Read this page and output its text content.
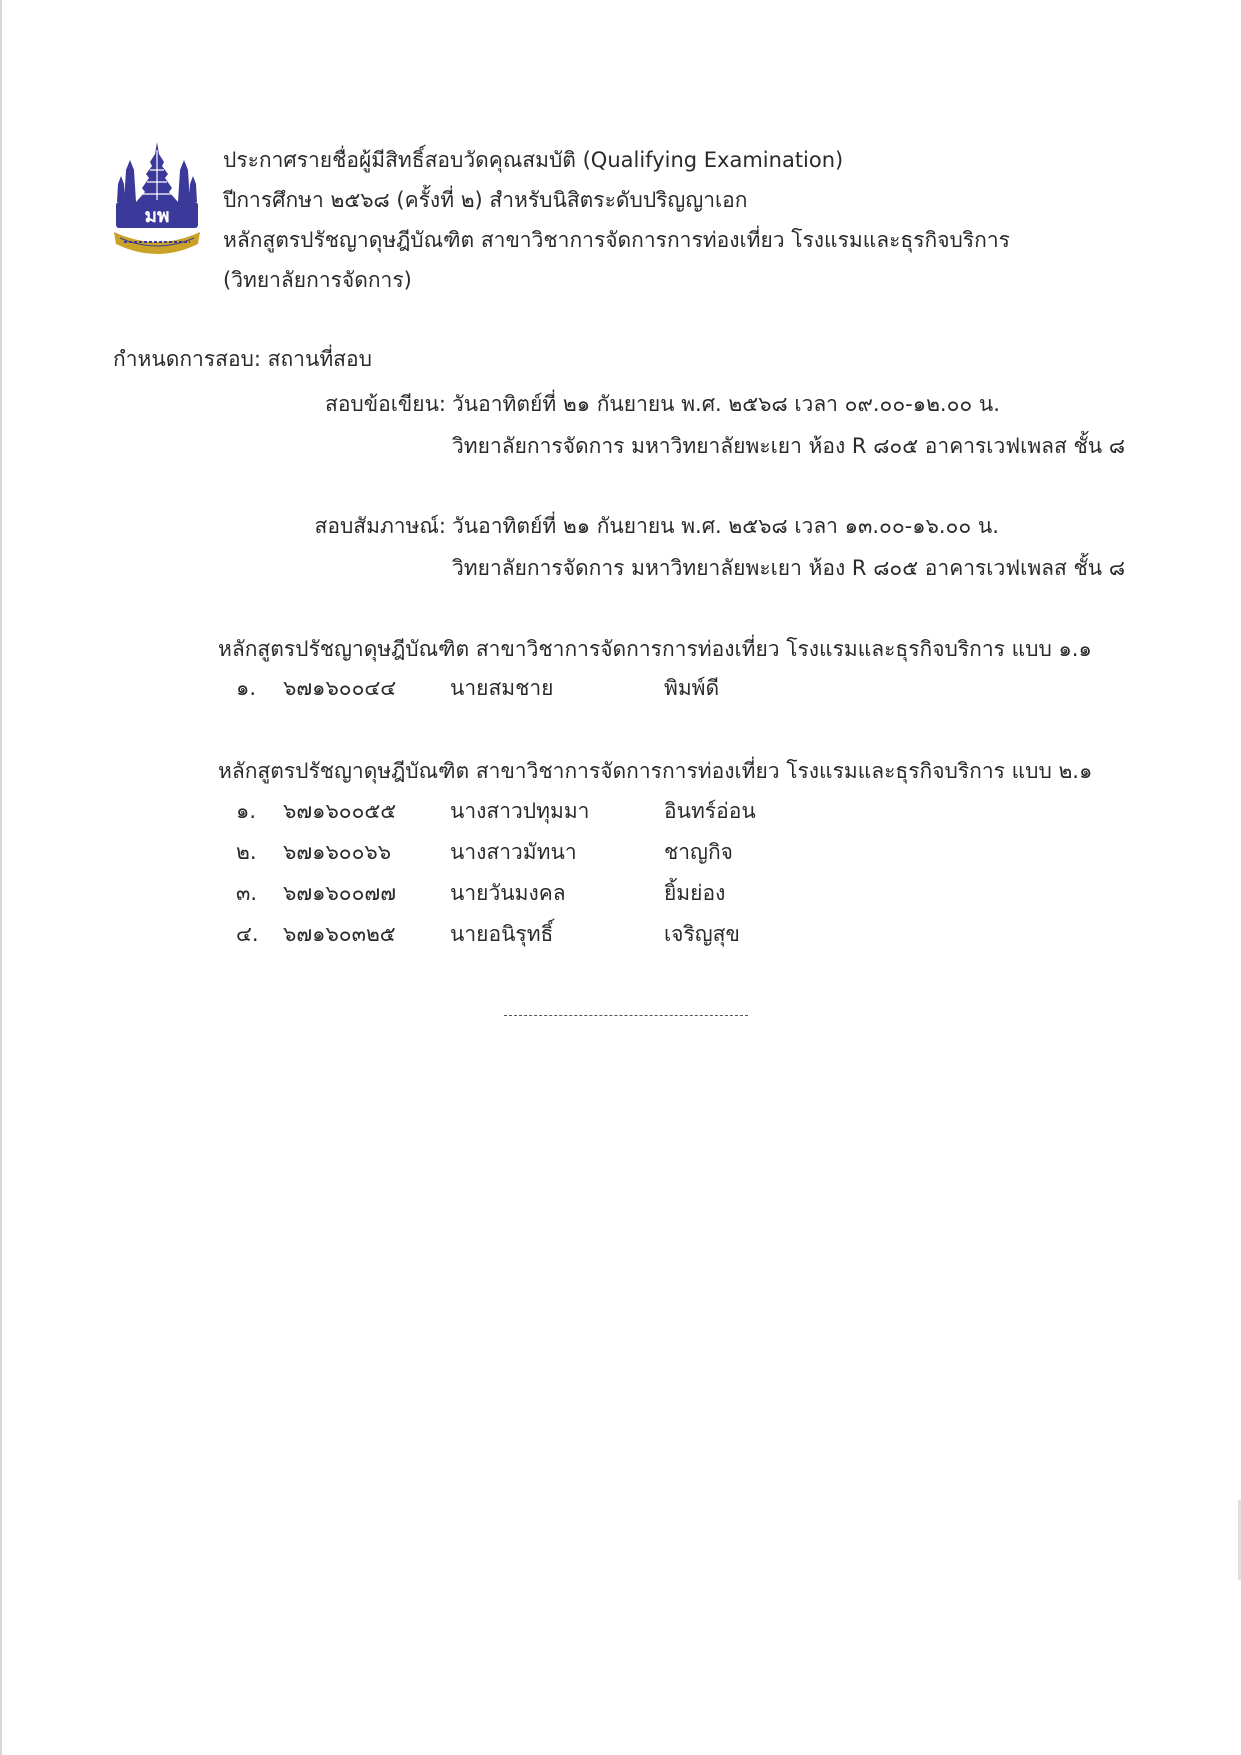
มพ
ประกาศรายชื่อผู้มีสิทธิ์สอบวัดคุณสมบัติ (Qualifying Examination)
ปีการศึกษา ๒๕๖๘ (ครั้งที่ ๒) สำหรับนิสิตระดับปริญญาเอก
หลักสูตรปรัชญาดุษฎีบัณฑิต สาขาวิชาการจัดการการท่องเที่ยว โรงแรมและธุรกิจบริการ
(วิทยาลัยการจัดการ)
กำหนดการสอบ: สถานที่สอบ
สอบข้อเขียน: วันอาทิตย์ที่ ๒๑ กันยายน พ.ศ. ๒๕๖๘ เวลา ๐๙.๐๐-๑๒.๐๐ น.
วิทยาลัยการจัดการ มหาวิทยาลัยพะเยา ห้อง R ๘๐๕ อาคารเวฟเพลส ชั้น ๘
สอบสัมภาษณ์: วันอาทิตย์ที่ ๒๑ กันยายน พ.ศ. ๒๕๖๘ เวลา ๑๓.๐๐-๑๖.๐๐ น.
วิทยาลัยการจัดการ มหาวิทยาลัยพะเยา ห้อง R ๘๐๕ อาคารเวฟเพลส ชั้น ๘
หลักสูตรปรัชญาดุษฎีบัณฑิต สาขาวิชาการจัดการการท่องเที่ยว โรงแรมและธุรกิจบริการ แบบ ๑.๑
๑. ๖๗๑๖๐๐๔๔	นายสมชาย	พิมพ์ดี
หลักสูตรปรัชญาดุษฎีบัณฑิต สาขาวิชาการจัดการการท่องเที่ยว โรงแรมและธุรกิจบริการ แบบ ๒.๑
๑. ๖๗๑๖๐๐๕๕	นางสาวปทุมมา	อินทร์อ่อน
๒. ๖๗๑๖๐๐๖๖	นางสาวมัทนา	ชาญกิจ
๓. ๖๗๑๖๐๐๗๗	นายวันมงคล	ยิ้มย่อง
๔. ๖๗๑๖๐๓๒๕	นายอนิรุทธิ์	เจริญสุข
